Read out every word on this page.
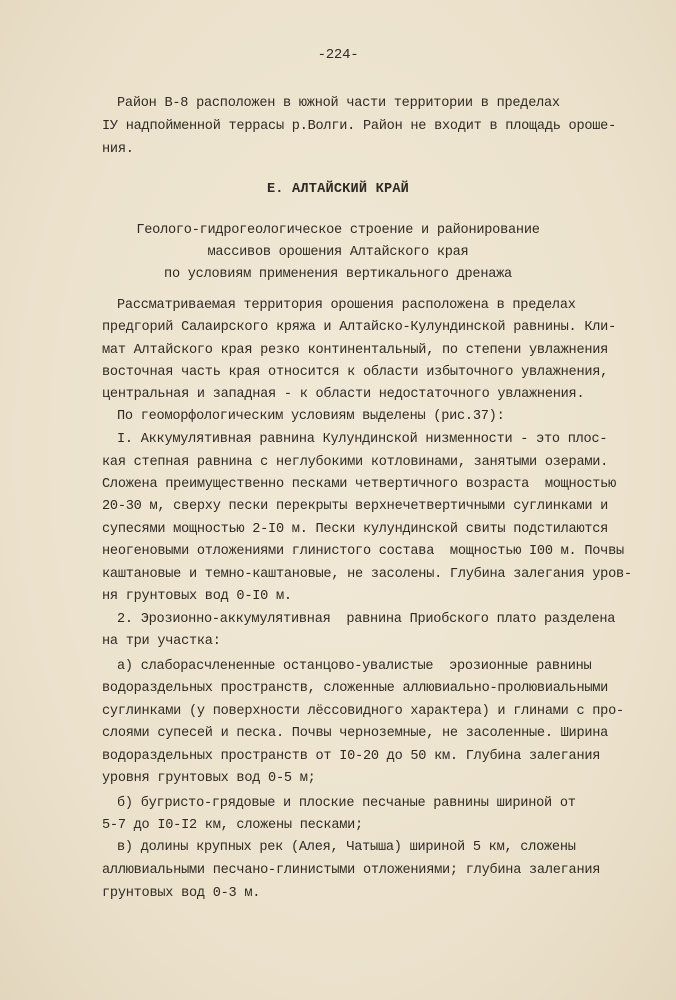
-224-
Район В-8 расположен в южной части территории в пределах
IУ надпойменной террасы р.Волги. Район не входит в площадь ороше-
ния.
Е. АЛТАЙСКИЙ КРАЙ
Геолого-гидрогеологическое строение и районирование
массивов орошения Алтайского края
по условиям применения вертикального дренажа
Рассматриваемая территория орошения расположена в пределах
предгорий Салаирского кряжа и Алтайско-Кулундинской равнины. Кли-
мат Алтайского края резко континентальный, по степени увлажнения
восточная часть края относится к области избыточного увлажнения,
центральная и западная - к области недостаточного увлажнения.
По геоморфологическим условиям выделены (рис.37):
I. Аккумулятивная равнина Кулундинской низменности - это плос-
кая степная равнина с неглубокими котловинами, занятыми озерами.
Сложена преимущественно песками четвертичного возраста  мощностью
20-30 м, сверху пески перекрыты верхнечетвертичными суглинками и
супесями мощностью 2-I0 м. Пески кулундинской свиты подстилаются
неогеновыми отложениями глинистого состава  мощностью I00 м. Почвы
каштановые и темно-каштановые, не засолены. Глубина залегания уров-
ня грунтовых вод 0-I0 м.
2. Эрозионно-аккумулятивная  равнина Приобского плато разделена
на три участка:
а) слаборасчлененные останцово-увалистые  эрозионные равнины
водораздельных пространств, сложенные аллювиально-пролювиальными
суглинками (у поверхности лёссовидного характера) и глинами с про-
слоями супесей и песка. Почвы черноземные, не засоленные. Ширина
водораздельных пространств от I0-20 до 50 км. Глубина залегания
уровня грунтовых вод 0-5 м;
б) бугристо-грядовые и плоские песчаные равнины шириной от
5-7 до I0-I2 км, сложены песками;
в) долины крупных рек (Алея, Чатыша) шириной 5 км, сложены
аллювиальными песчано-глинистыми отложениями; глубина залегания
грунтовых вод 0-3 м.
